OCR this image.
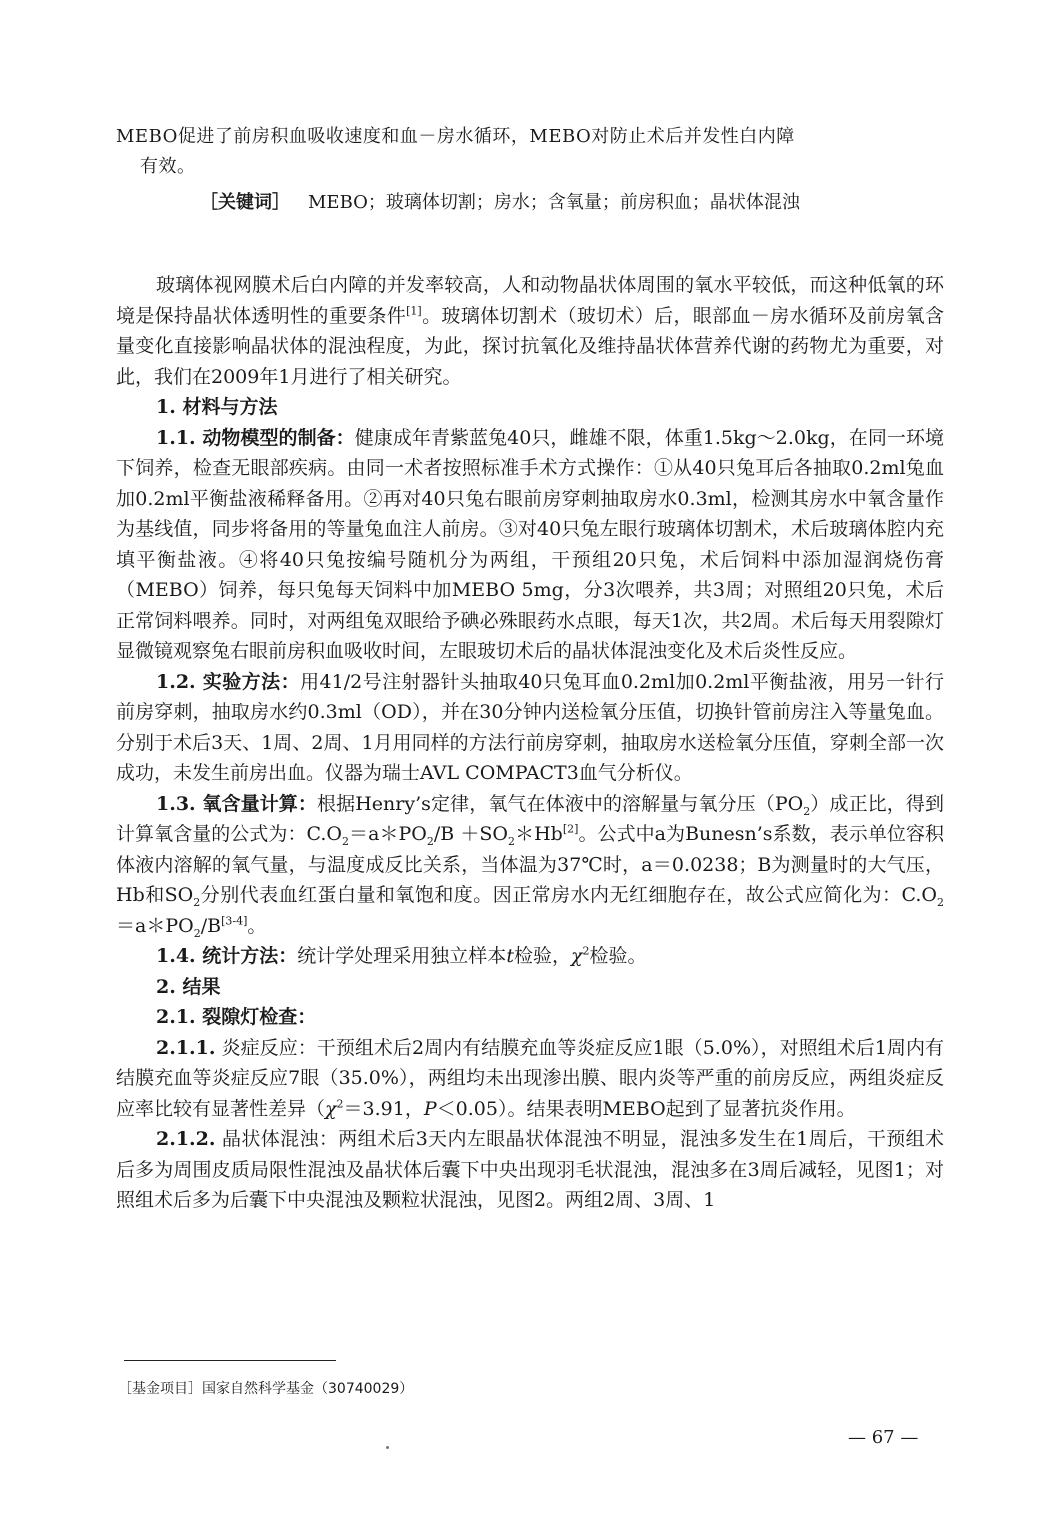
MEBO促进了前房积血吸收速度和血－房水循环，MEBO对防止术后并发性白内障

有效。

［关键词］ MEBO；玻璃体切割；房水；含氧量；前房积血；晶状体混浊

玻璃体视网膜术后白内障的并发率较高，人和动物晶状体周围的氧水平较低，而这种低氧的环境是保持晶状体透明性的重要条件[1]。玻璃体切割术（玻切术）后，眼部血－房水循环及前房氧含量变化直接影响晶状体的混浊程度，为此，探讨抗氧化及维持晶状体营养代谢的药物尤为重要，对此，我们在2009年1月进行了相关研究。

1. 材料与方法

1.1. 动物模型的制备：健康成年青紫蓝兔40只，雌雄不限，体重1.5kg～2.0kg，在同一环境下饲养，检查无眼部疾病。由同一术者按照标准手术方式操作：①从40只兔耳后各抽取0.2ml兔血加0.2ml平衡盐液稀释备用。②再对40只兔右眼前房穿刺抽取房水0.3ml，检测其房水中氧含量作为基线值，同步将备用的等量兔血注人前房。③对40只兔左眼行玻璃体切割术，术后玻璃体腔内充填平衡盐液。④将40只兔按编号随机分为两组，干预组20只兔，术后饲料中添加湿润烧伤膏（MEBO）饲养，每只兔每天饲料中加MEBO 5mg，分3次喂养，共3周；对照组20只兔，术后正常饲料喂养。同时，对两组兔双眼给予碘必殊眼药水点眼，每天1次，共2周。术后每天用裂隙灯显微镜观察兔右眼前房积血吸收时间，左眼玻切术后的晶状体混浊变化及术后炎性反应。

1.2. 实验方法：用41/2号注射器针头抽取40只兔耳血0.2ml加0.2ml平衡盐液，用另一针行前房穿刺，抽取房水约0.3ml（OD），并在30分钟内送检氧分压值，切换针管前房注入等量兔血。分别于术后3天、1周、2周、1月用同样的方法行前房穿刺，抽取房水送检氧分压值，穿刺全部一次成功，未发生前房出血。仪器为瑞士AVL COMPACT3血气分析仪。

1.3. 氧含量计算：根据Henry’s定律，氧气在体液中的溶解量与氧分压$(PO_2)$成正比，得到计算氧含量的公式为：$C.O_2=a*PO_2/B$ $+SO_2*Hb[2]$。公式中a为Bunesn’s系数，表示单位容积体液内溶解的氧气量，与温度成反比关系，当体温为37℃时，a＝0.0238；B为测量时的大气压，Hb和$SO_2$分别代表血红蛋白量和氧饱和度。因正常房水内无红细胞存在，故公式应简化为：$C.O_2=a*PO_2/B[3-4]$。

1.4. 统计方法：统计学处理采用独立样本t检验，$\chi^2$检验。

2. 结果

2.1. 裂隙灯检查：

2.1.1. 炎症反应：干预组术后2周内有结膜充血等炎症反应1眼（5.0%），对照组术后1周内有结膜充血等炎症反应7眼（35.0%），两组均未出现渗出膜、眼内炎等严重的前房反应，两组炎症反应率比较有显著性差异（$\chi^2=3.91$，P＜0.05）。结果表明MEBO起到了显著抗炎作用。

2.1.2. 晶状体混浊：两组术后3天内左眼晶状体混浊不明显，混浊多发生在1周后，干预组术后多为周围皮质局限性混浊及晶状体后囊下中央出现羽毛状混浊，混浊多在3周后减轻，见图1；对照组术后多为后囊下中央混浊及颗粒状混浊，见图2。两组2周、3周、1

［基金项目］国家自然科学基金（30740029）
— 67 —
